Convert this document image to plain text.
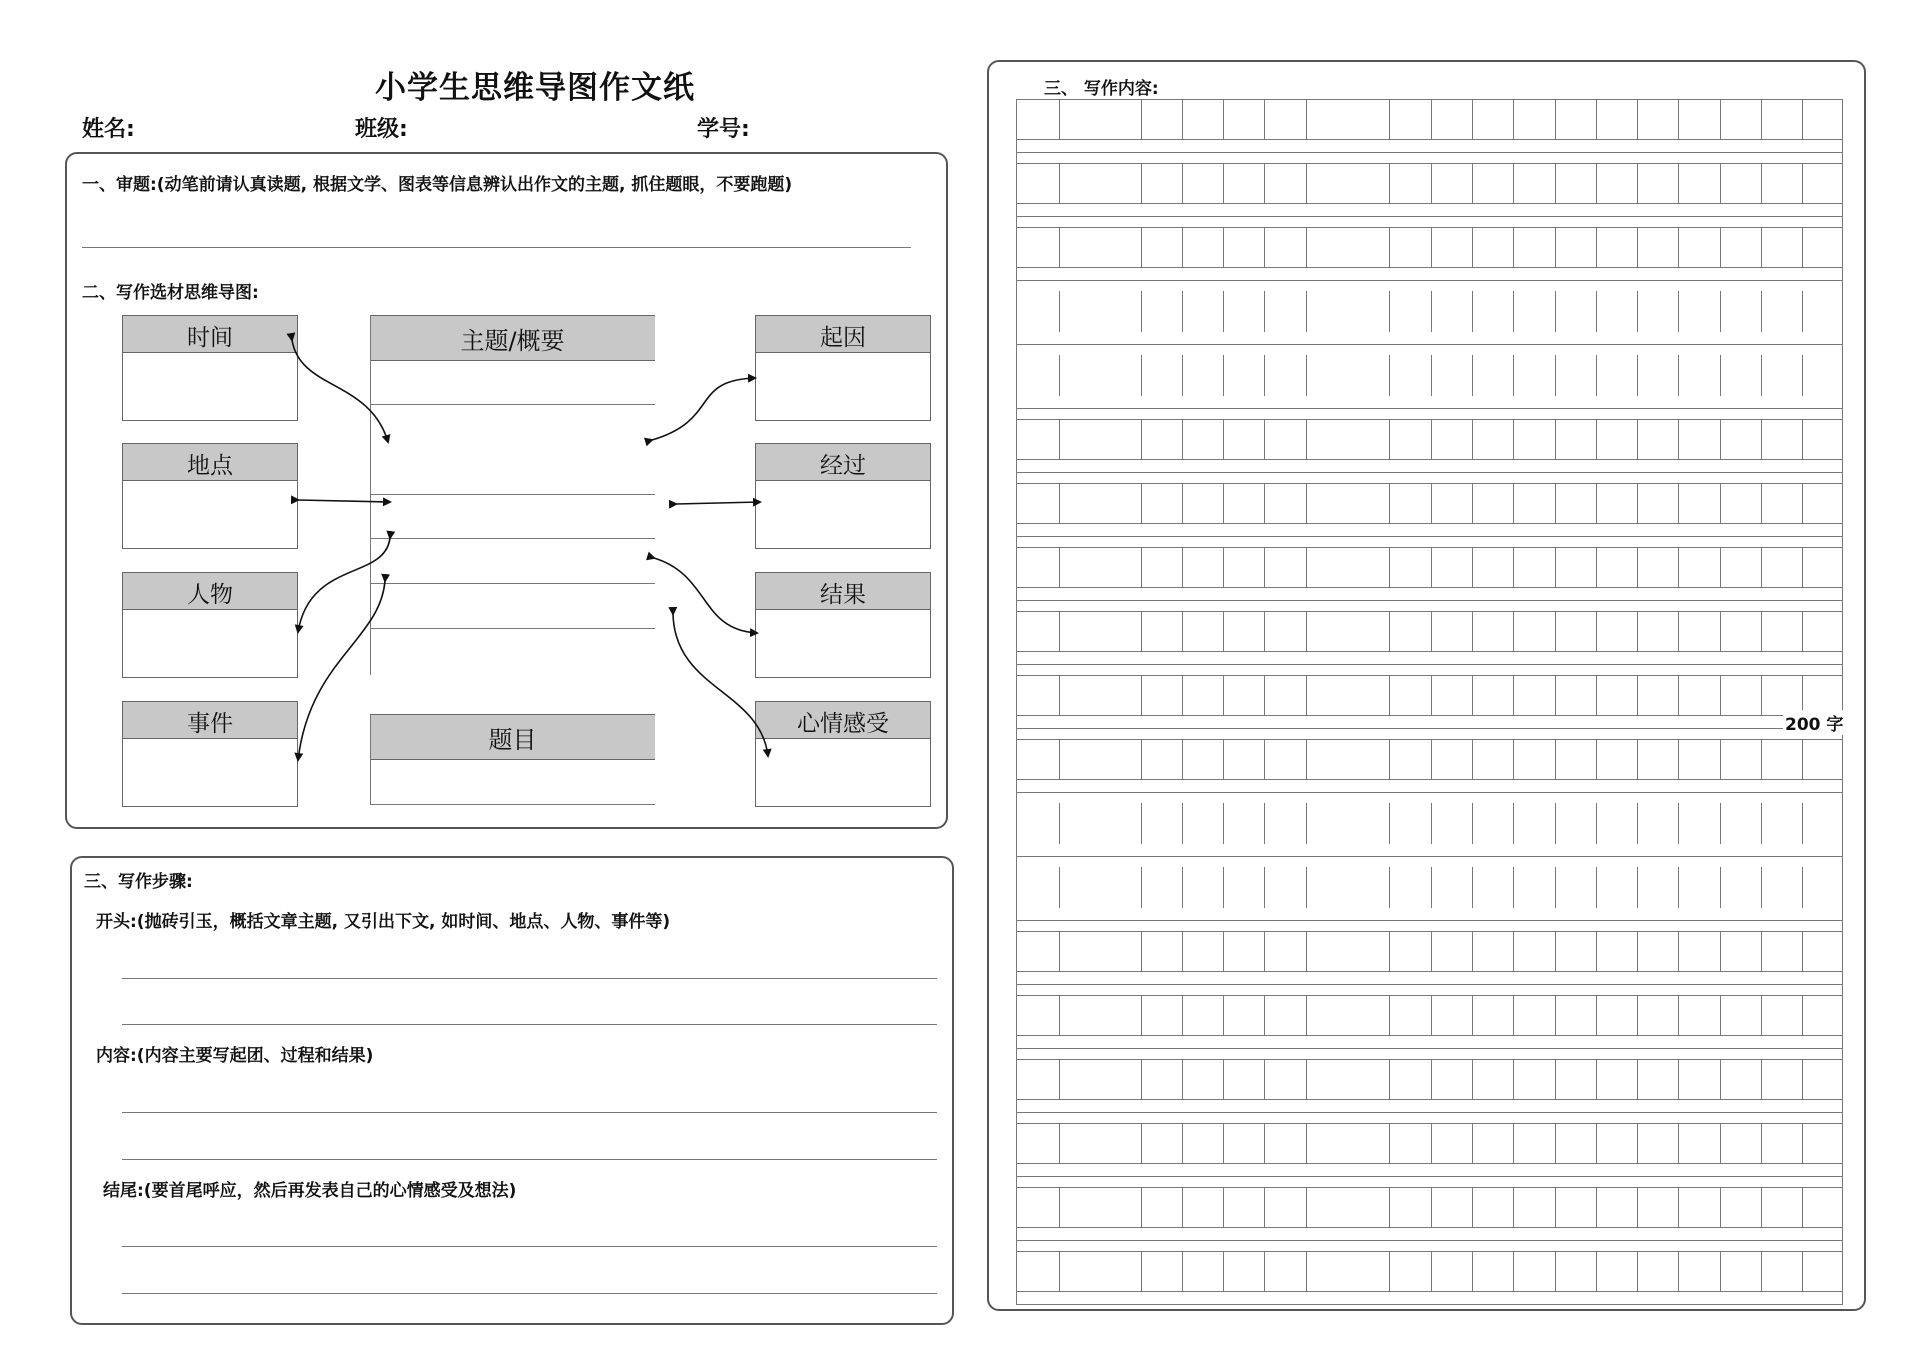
小学生思维导图作文纸
姓名:	班级:	学号:
一、审题:(动笔前请认真读题, 根据文学、图表等信息辨认出作文的主题, 抓住题眼，不要跑题)
二、写作选材思维导图:
时间
地点
人物
事件
起因
经过
结果
心情感受
主题/概要
题目
三、写作步骤:
开头:(抛砖引玉，概括文章主题, 又引出下文, 如时间、地点、人物、事件等)
内容:(内容主要写起团、过程和结果)
结尾:(要首尾呼应，然后再发表自己的心情感受及想法)
三、 写作内容:
200 字
